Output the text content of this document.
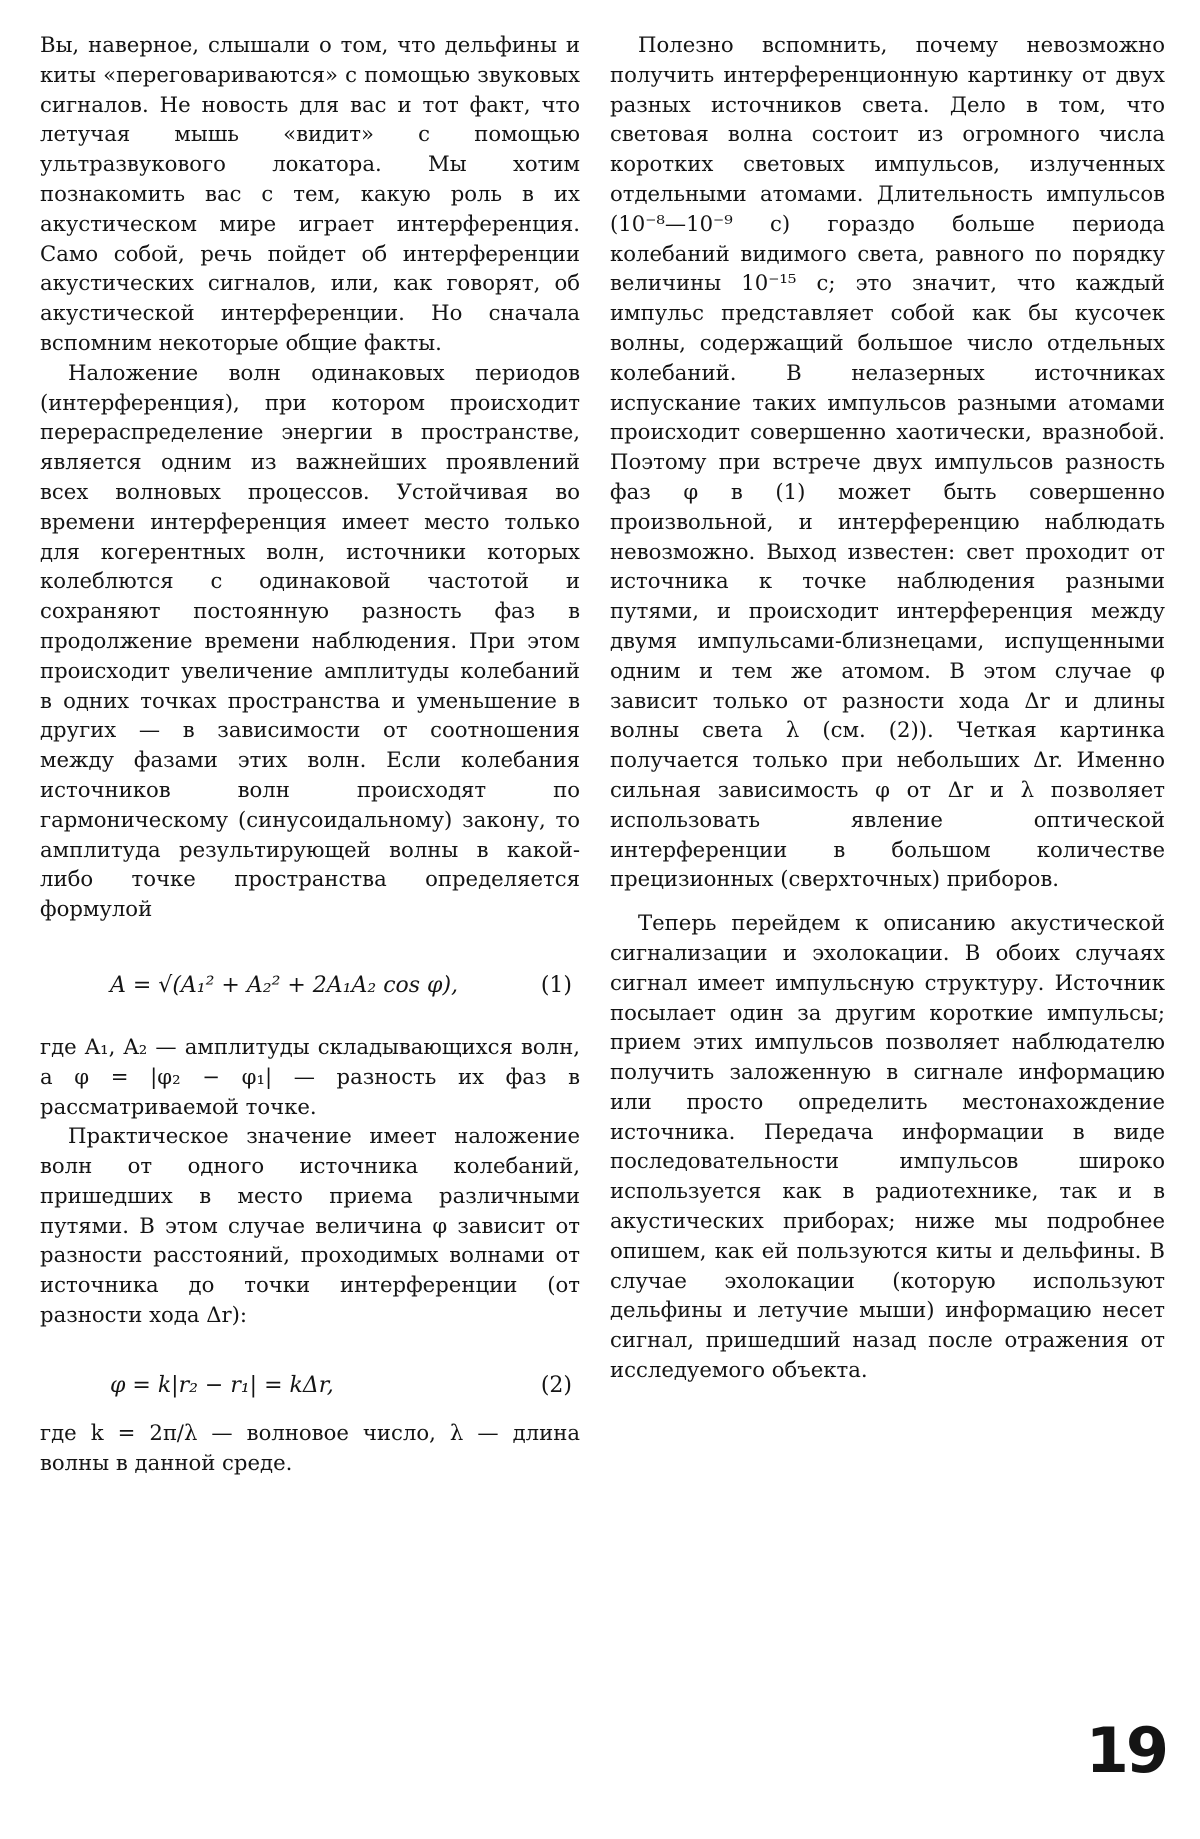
Вы, наверное, слышали о том, что дельфины и киты «переговариваются» с помощью звуковых сигналов. Не новость для вас и тот факт, что летучая мышь «видит» с помощью ультразвукового локатора. Мы хотим познакомить вас с тем, какую роль в их акустическом мире играет интерференция. Само собой, речь пойдет об интерференции акустических сигналов, или, как говорят, об акустической интерференции. Но сначала вспомним некоторые общие факты.

Наложение волн одинаковых периодов (интерференция), при котором происходит перераспределение энергии в пространстве, является одним из важнейших проявлений всех волновых процессов. Устойчивая во времени интерференция имеет место только для когерентных волн, источники которых колеблются с одинаковой частотой и сохраняют постоянную разность фаз в продолжение времени наблюдения. При этом происходит увеличение амплитуды колебаний в одних точках пространства и уменьшение в других — в зависимости от соотношения между фазами этих волн. Если колебания источников волн происходят по гармоническому (синусоидальному) закону, то амплитуда результирующей волны в какой-либо точке пространства определяется формулой

A = √(A₁² + A₂² + 2A₁A₂ cos φ),	(1)

где A₁, A₂ — амплитуды складывающихся волн, а φ = |φ₂ − φ₁| — разность их фаз в рассматриваемой точке.

Практическое значение имеет наложение волн от одного источника колебаний, пришедших в место приема различными путями. В этом случае величина φ зависит от разности расстояний, проходимых волнами от источника до точки интерференции (от разности хода Δr):

φ = k|r₂ − r₁| = kΔr,	(2)

где k = 2π/λ — волновое число, λ — длина волны в данной среде.

Полезно вспомнить, почему невозможно получить интерференционную картинку от двух разных источников света. Дело в том, что световая волна состоит из огромного числа коротких световых импульсов, излученных отдельными атомами. Длительность импульсов (10⁻⁸—10⁻⁹ с) гораздо больше периода колебаний видимого света, равного по порядку величины 10⁻¹⁵ с; это значит, что каждый импульс представляет собой как бы кусочек волны, содержащий большое число отдельных колебаний. В нелазерных источниках испускание таких импульсов разными атомами происходит совершенно хаотически, вразнобой. Поэтому при встрече двух импульсов разность фаз φ в (1) может быть совершенно произвольной, и интерференцию наблюдать невозможно. Выход известен: свет проходит от источника к точке наблюдения разными путями, и происходит интерференция между двумя импульсами-близнецами, испущенными одним и тем же атомом. В этом случае φ зависит только от разности хода Δr и длины волны света λ (см. (2)). Четкая картинка получается только при небольших Δr. Именно сильная зависимость φ от Δr и λ позволяет использовать явление оптической интерференции в большом количестве прецизионных (сверхточных) приборов.

Теперь перейдем к описанию акустической сигнализации и эхолокации. В обоих случаях сигнал имеет импульсную структуру. Источник посылает один за другим короткие импульсы; прием этих импульсов позволяет наблюдателю получить заложенную в сигнале информацию или просто определить местонахождение источника. Передача информации в виде последовательности импульсов широко используется как в радиотехнике, так и в акустических приборах; ниже мы подробнее опишем, как ей пользуются киты и дельфины. В случае эхолокации (которую используют дельфины и летучие мыши) информацию несет сигнал, пришедший назад после отражения от исследуемого объекта.

19
